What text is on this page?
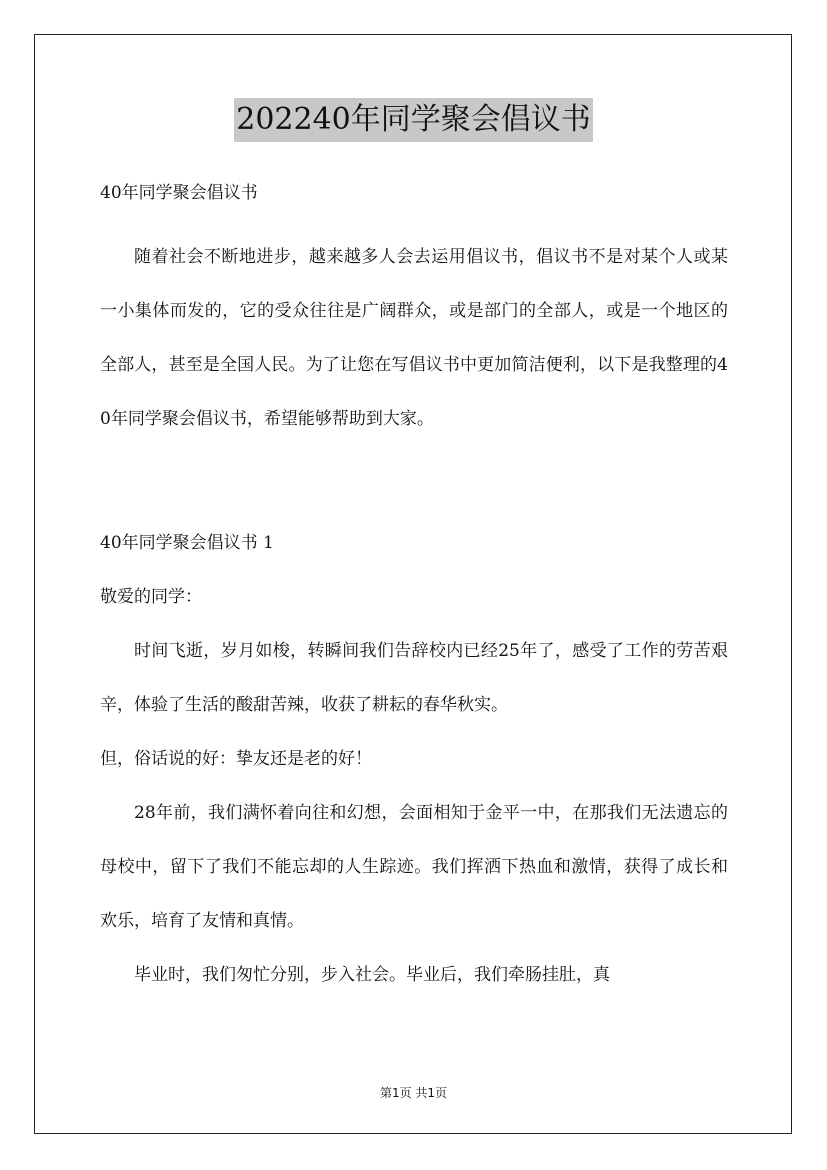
202240年同学聚会倡议书
40年同学聚会倡议书

随着社会不断地进步，越来越多人会去运用倡议书，倡议书不是对某个人或某一小集体而发的，它的受众往往是广阔群众，或是部门的全部人，或是一个地区的全部人，甚至是全国人民。为了让您在写倡议书中更加简洁便利，以下是我整理的40年同学聚会倡议书，希望能够帮助到大家。

40年同学聚会倡议书 1

敬爱的同学：

时间飞逝，岁月如梭，转瞬间我们告辞校内已经25年了，感受了工作的劳苦艰辛，体验了生活的酸甜苦辣，收获了耕耘的春华秋实。

但，俗话说的好：挚友还是老的好！

28年前，我们满怀着向往和幻想，会面相知于金平一中，在那我们无法遗忘的母校中，留下了我们不能忘却的人生踪迹。我们挥洒下热血和激情，获得了成长和欢乐，培育了友情和真情。

毕业时，我们匆忙分别，步入社会。毕业后，我们牵肠挂肚，真

第1页 共1页
